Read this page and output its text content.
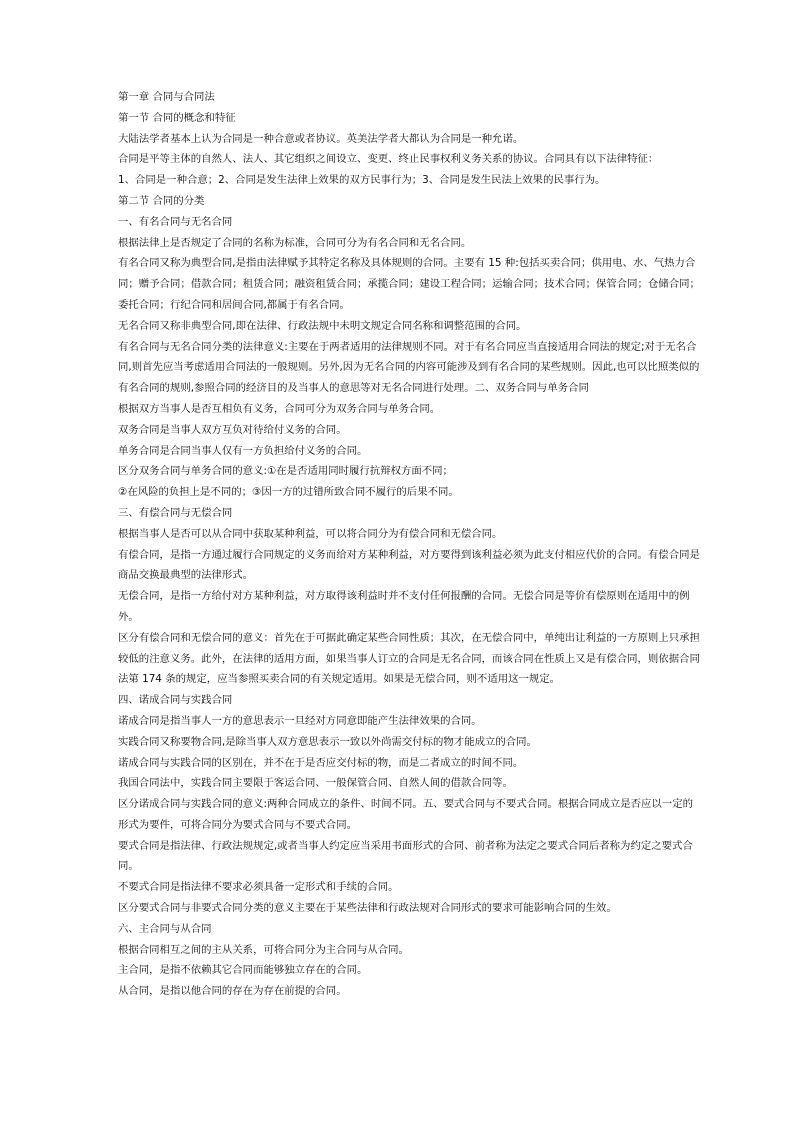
第一章 合同与合同法
第一节 合同的概念和特征
大陆法学者基本上认为合同是一种合意或者协议。英美法学者大都认为合同是一种允诺。
合同是平等主体的自然人、法人、其它组织之间设立、变更、终止民事权利义务关系的协议。合同具有以下法律特征：
1、合同是一种合意；2、合同是发生法律上效果的双方民事行为；3、合同是发生民法上效果的民事行为。
第二节 合同的分类
一、有名合同与无名合同
根据法律上是否规定了合同的名称为标准，合同可分为有名合同和无名合同。
有名合同又称为典型合同,是指由法律赋予其特定名称及具体规则的合同。主要有 15 种:包括买卖合同；供用电、水、气热力合
同；赠予合同；借款合同；租赁合同；融资租赁合同；承揽合同；建设工程合同；运输合同；技术合同；保管合同；仓储合同；
委托合同；行纪合同和居间合同,都属于有名合同。
无名合同又称非典型合同,即在法律、行政法规中未明文规定合同名称和调整范围的合同。
有名合同与无名合同分类的法律意义:主要在于两者适用的法律规则不同。对于有名合同应当直接适用合同法的规定;对于无名合
同,则首先应当考虑适用合同法的一般规则。另外,因为无名合同的内容可能涉及到有名合同的某些规则。因此,也可以比照类似的
有名合同的规则,参照合同的经济目的及当事人的意思等对无名合同进行处理。二、双务合同与单务合同
根据双方当事人是否互相负有义务，合同可分为双务合同与单务合同。
双务合同是当事人双方互负对待给付义务的合同。
单务合同是合同当事人仅有一方负担给付义务的合同。
区分双务合同与单务合同的意义:①在是否适用同时履行抗辩权方面不同；
②在风险的负担上是不同的；③因一方的过错所致合同不履行的后果不同。
三、有偿合同与无偿合同
根据当事人是否可以从合同中获取某种利益，可以将合同分为有偿合同和无偿合同。
有偿合同，是指一方通过履行合同规定的义务而给对方某种利益，对方要得到该利益必须为此支付相应代价的合同。有偿合同是
商品交换最典型的法律形式。
无偿合同，是指一方给付对方某种利益，对方取得该利益时并不支付任何报酬的合同。无偿合同是等价有偿原则在适用中的例
外。
区分有偿合同和无偿合同的意义：首先在于可据此确定某些合同性质；其次，在无偿合同中，单纯出让利益的一方原则上只承担
较低的注意义务。此外，在法律的适用方面，如果当事人订立的合同是无名合同，而该合同在性质上又是有偿合同，则依据合同
法第 174 条的规定，应当参照买卖合同的有关规定适用。如果是无偿合同，则不适用这一规定。
四、诺成合同与实践合同
诺成合同是指当事人一方的意思表示一旦经对方同意即能产生法律效果的合同。
实践合同又称要物合同,是除当事人双方意思表示一致以外尚需交付标的物才能成立的合同。
诺成合同与实践合同的区别在，并不在于是否应交付标的物，而是二者成立的时间不同。
我国合同法中，实践合同主要限于客运合同、一般保管合同、自然人间的借款合同等。
区分诺成合同与实践合同的意义:两种合同成立的条件、时间不同。五、要式合同与不要式合同。根据合同成立是否应以一定的
形式为要件，可将合同分为要式合同与不要式合同。
要式合同是指法律、行政法规规定,或者当事人约定应当采用书面形式的合同、前者称为法定之要式合同后者称为约定之要式合
同。
不要式合同是指法律不要求必须具备一定形式和手续的合同。
区分要式合同与非要式合同分类的意义主要在于某些法律和行政法规对合同形式的要求可能影响合同的生效。
六、主合同与从合同
根据合同相互之间的主从关系，可将合同分为主合同与从合同。
主合同，是指不依赖其它合同而能够独立存在的合同。
从合同，是指以他合同的存在为存在前提的合同。
